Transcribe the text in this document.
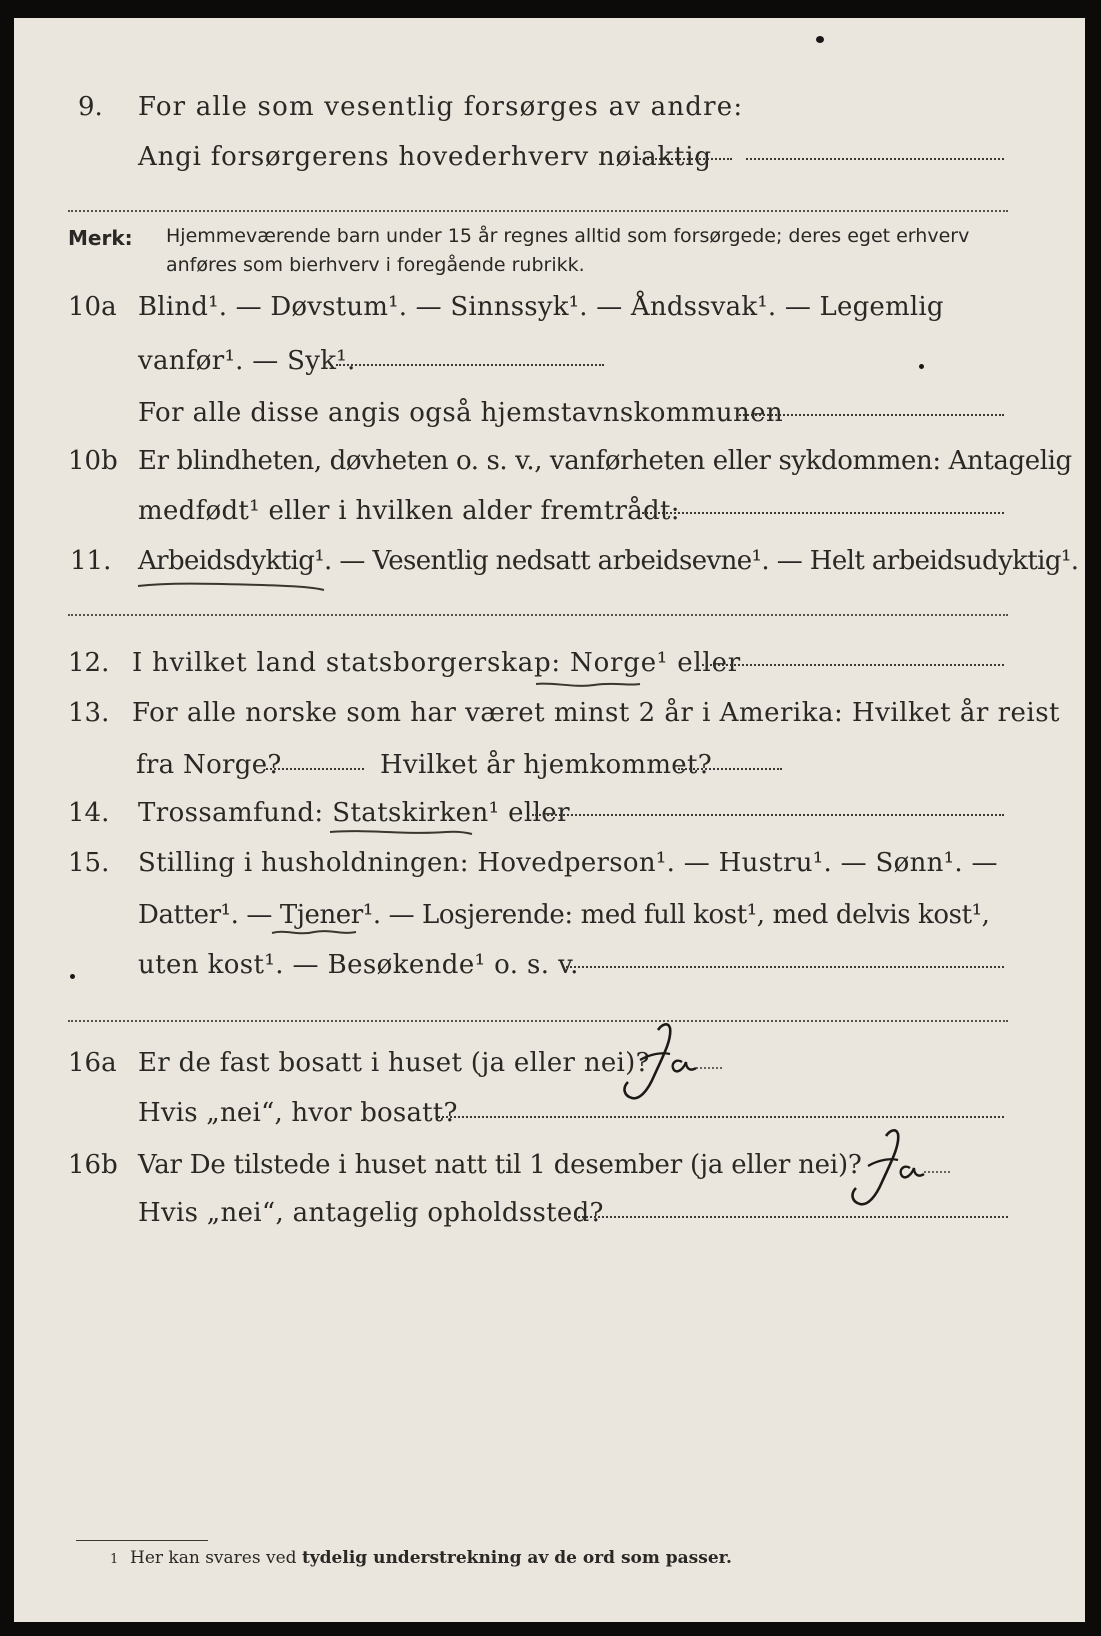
9. For alle som vesentlig forsørges av andre:
Angi forsørgerens hovederhverv nøiaktig
Merk: Hjemmeværende barn under 15 år regnes alltid som forsørgede; deres eget erhverv
anføres som bierhverv i foregående rubrikk.
10a Blind¹. — Døvstum¹. — Sinnssyk¹. — Åndssvak¹. — Legemlig
vanfør¹. — Syk¹.
For alle disse angis også hjemstavnskommunen
10b Er blindheten, døvheten o. s. v., vanførheten eller sykdommen: Antagelig
medfødt¹ eller i hvilken alder fremtrådt:
11. Arbeidsdyktig¹. — Vesentlig nedsatt arbeidsevne¹. — Helt arbeidsudyktig¹.
12. I hvilket land statsborgerskap: Norge¹ eller
13. For alle norske som har været minst 2 år i Amerika: Hvilket år reist
fra Norge?	Hvilket år hjemkommet?
14. Trossamfund: Statskirken¹ eller
15. Stilling i husholdningen: Hovedperson¹. — Hustru¹. — Sønn¹. —
Datter¹. — Tjener¹. — Losjerende: med full kost¹, med delvis kost¹,
uten kost¹. — Besøkende¹ o. s. v.
16a Er de fast bosatt i huset (ja eller nei)?
Hvis „nei“, hvor bosatt?
16b Var De tilstede i huset natt til 1 desember (ja eller nei)?
Hvis „nei“, antagelig opholdssted?
1 Her kan svares ved tydelig understrekning av de ord som passer.
